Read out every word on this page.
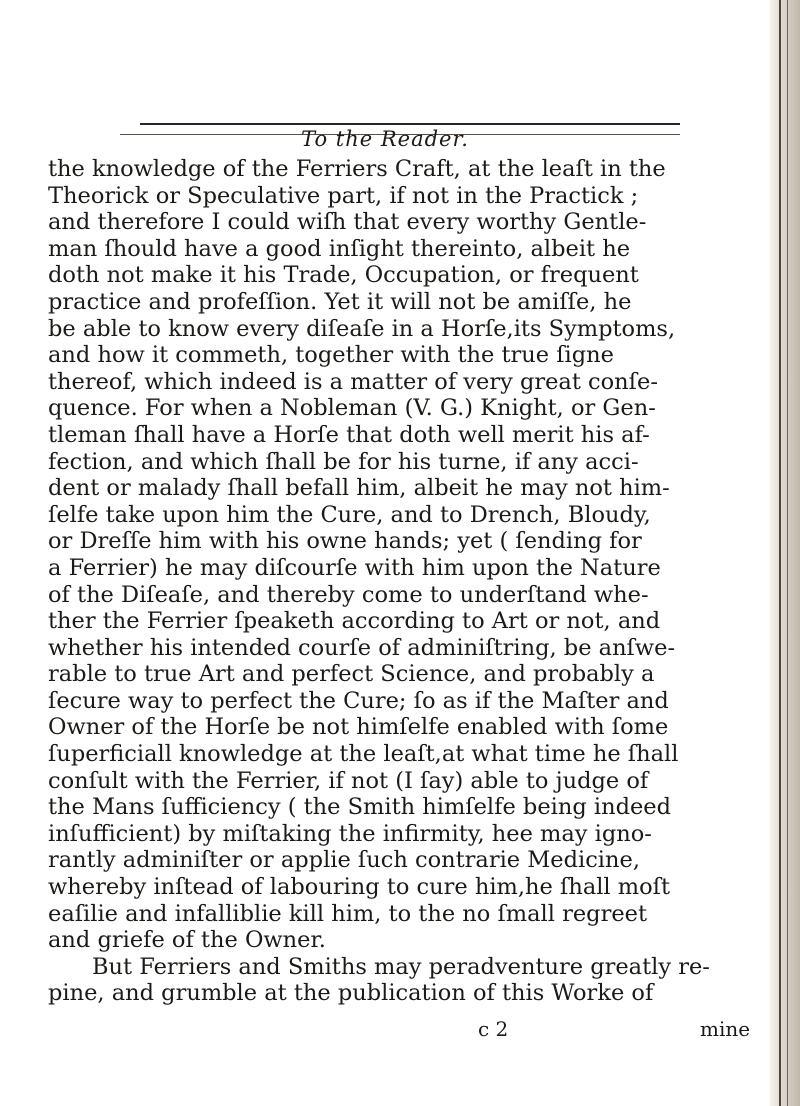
To the Reader.
the knowledge of the Ferriers Craft, at the leaſt in the
Theorick or Speculative part, if not in the Practick ;
and therefore I could wiſh that every worthy Gentle-
man ſhould have a good inſight thereinto, albeit he
doth not make it his Trade, Occupation, or frequent
practice and profeſſion. Yet it will not be amiſſe, he
be able to know every diſeaſe in a Horſe,its Symptoms,
and how it commeth, together with the true ſigne
thereof, which indeed is a matter of very great conſe-
quence. For when a Nobleman (V. G.) Knight, or Gen-
tleman ſhall have a Horſe that doth well merit his af-
fection, and which ſhall be for his turne, if any acci-
dent or malady ſhall befall him, albeit he may not him-
ſelfe take upon him the Cure, and to Drench, Bloudy,
or Dreſſe him with his owne hands; yet ( ſending for
a Ferrier) he may diſcourſe with him upon the Nature
of the Diſeaſe, and thereby come to underſtand whe-
ther the Ferrier ſpeaketh according to Art or not, and
whether his intended courſe of adminiſtring, be anſwe-
rable to true Art and perfect Science, and probably a
ſecure way to perfect the Cure; ſo as if the Maſter and
Owner of the Horſe be not himſelfe enabled with ſome
ſuperficiall knowledge at the leaſt,at what time he ſhall
conſult with the Ferrier, if not (I ſay) able to judge of
the Mans ſufficiency ( the Smith himſelfe being indeed
inſufficient) by miſtaking the infirmity, hee may igno-
rantly adminiſter or applie ſuch contrarie Medicine,
whereby inſtead of labouring to cure him,he ſhall moſt
eaſilie and infalliblie kill him, to the no ſmall regreet
and griefe of the Owner.
But Ferriers and Smiths may peradventure greatly re-
pine, and grumble at the publication of this Worke of
c 2	mine
